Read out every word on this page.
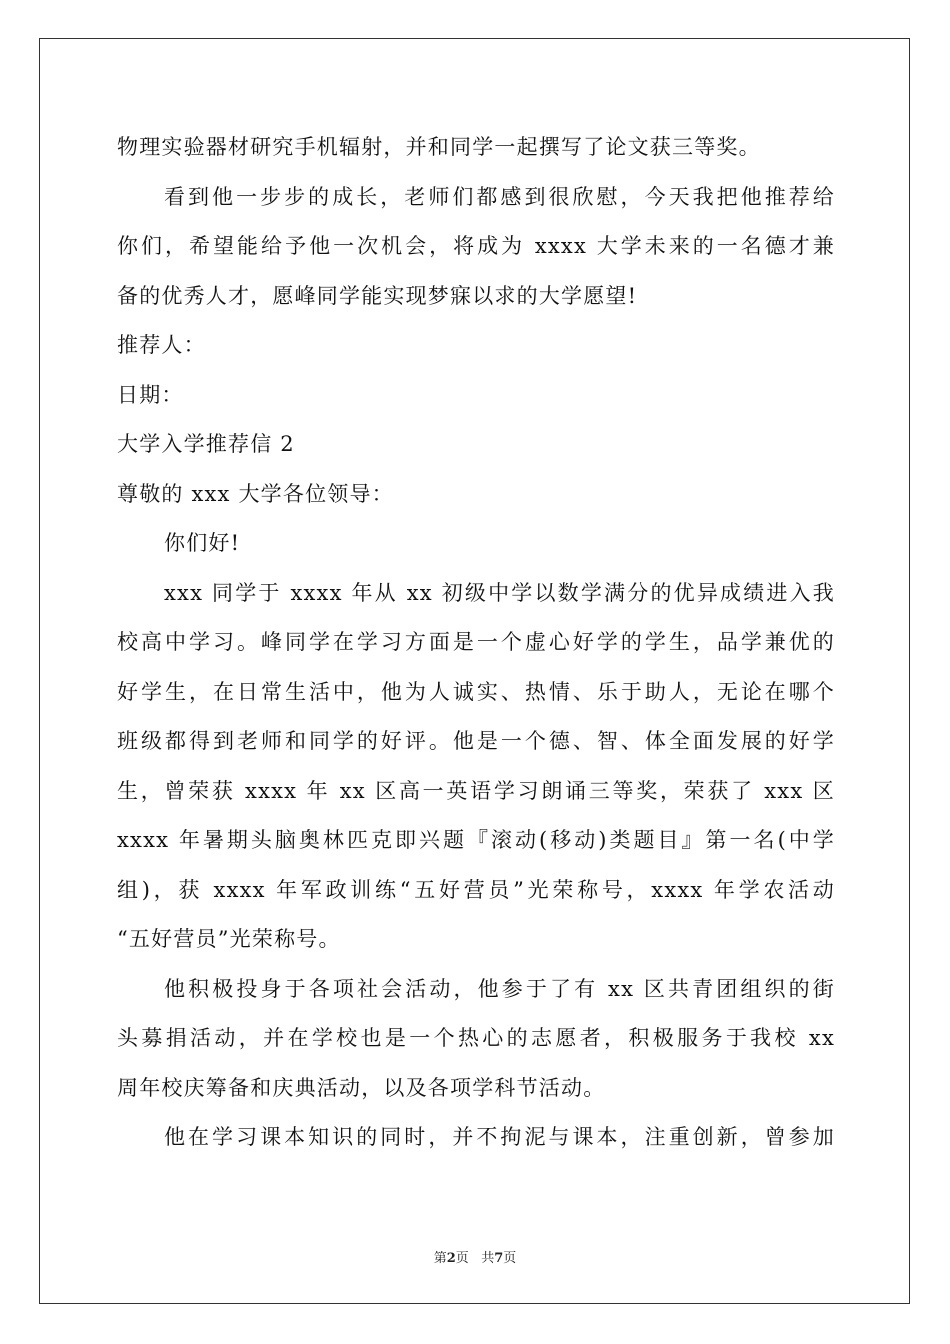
物理实验器材研究手机辐射，并和同学一起撰写了论文获三等奖。
看到他一步步的成长，老师们都感到很欣慰，今天我把他推荐给
你们，希望能给予他一次机会，将成为 xxxx 大学未来的一名德才兼
备的优秀人才，愿峰同学能实现梦寐以求的大学愿望!
推荐人：
日期：
大学入学推荐信 2
尊敬的 xxx 大学各位领导：
你们好!
xxx 同学于 xxxx 年从 xx 初级中学以数学满分的优异成绩进入我
校高中学习。峰同学在学习方面是一个虚心好学的学生，品学兼优的
好学生，在日常生活中，他为人诚实、热情、乐于助人，无论在哪个
班级都得到老师和同学的好评。他是一个德、智、体全面发展的好学
生，曾荣获 xxxx 年 xx 区高一英语学习朗诵三等奖，荣获了 xxx 区
xxxx 年暑期头脑奥林匹克即兴题『滚动(移动)类题目』第一名(中学
组)，获 xxxx 年军政训练“五好营员”光荣称号，xxxx 年学农活动
“五好营员”光荣称号。
他积极投身于各项社会活动，他参于了有 xx 区共青团组织的街
头募捐活动，并在学校也是一个热心的志愿者，积极服务于我校 xx
周年校庆筹备和庆典活动，以及各项学科节活动。
他在学习课本知识的同时，并不拘泥与课本，注重创新，曾参加
第2页 共7页
